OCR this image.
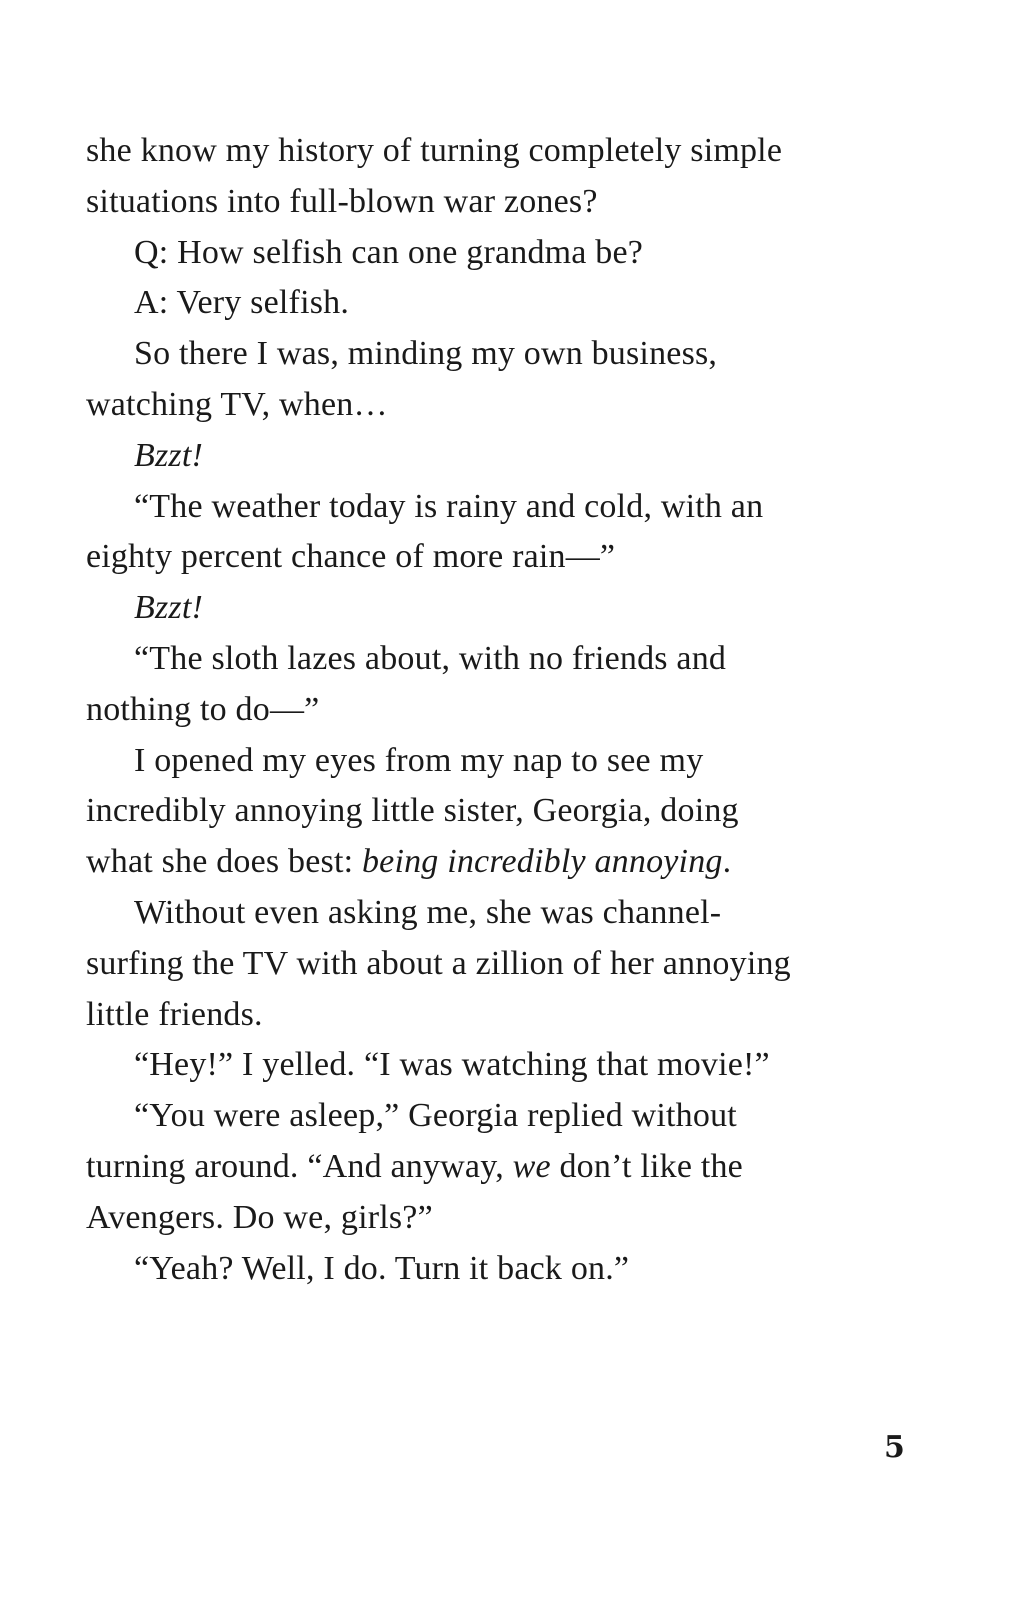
she know my history of turning completely simple
situations into full-blown war zones?
Q: How selfish can one grandma be?
A: Very selfish.
So there I was, minding my own business,
watching TV, when…
Bzzt!
“The weather today is rainy and cold, with an
eighty percent chance of more rain—”
Bzzt!
“The sloth lazes about, with no friends and
nothing to do—”
I opened my eyes from my nap to see my
incredibly annoying little sister, Georgia, doing
what she does best: being incredibly annoying.
Without even asking me, she was channel-
surfing the TV with about a zillion of her annoying
little friends.
“Hey!” I yelled. “I was watching that movie!”
“You were asleep,” Georgia replied without
turning around. “And anyway, we don’t like the
Avengers. Do we, girls?”
“Yeah? Well, I do. Turn it back on.”
5
